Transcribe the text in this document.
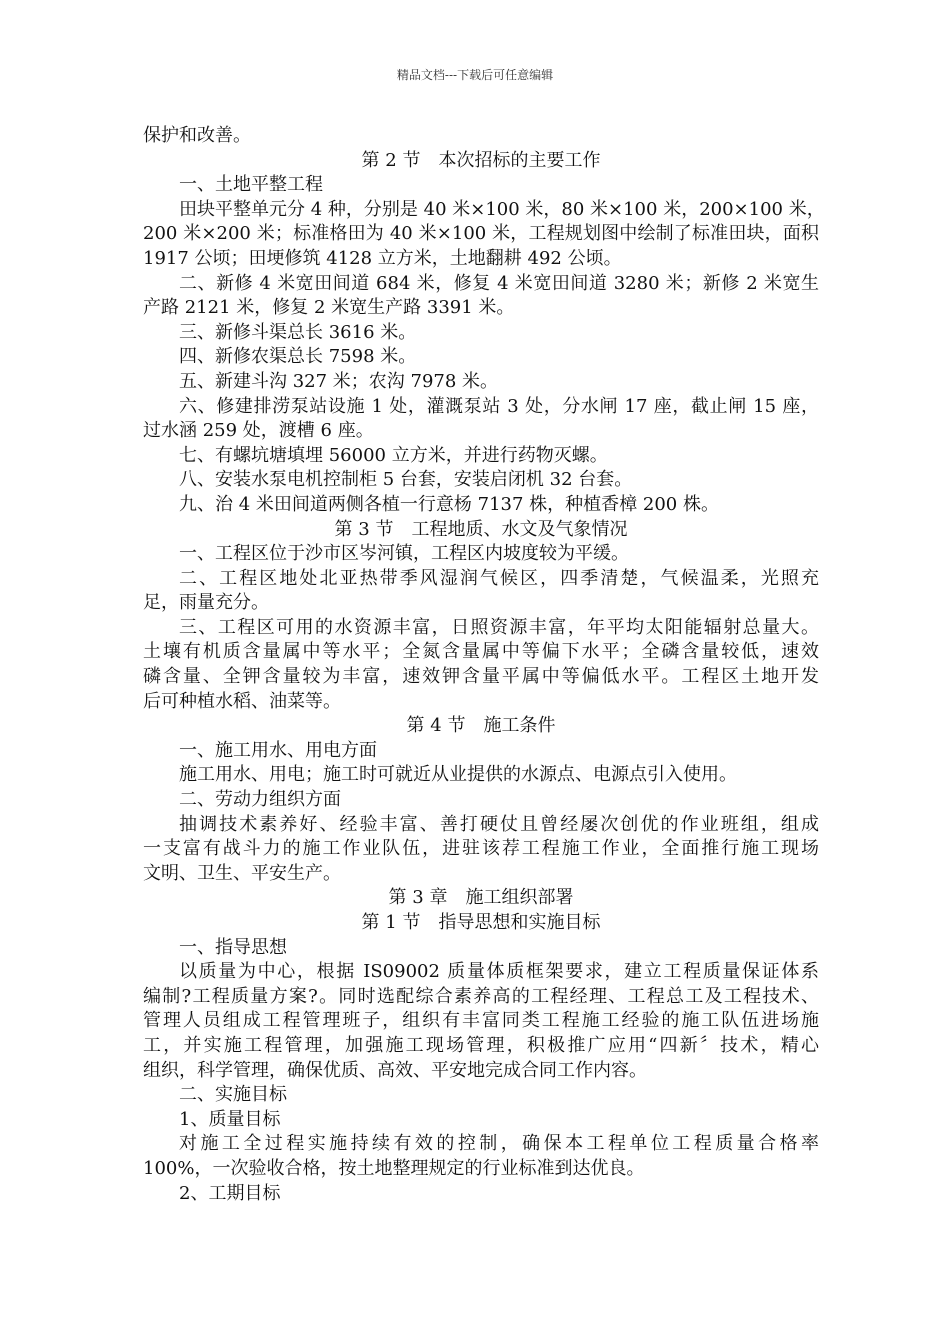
精品文档---下载后可任意编辑
保护和改善。
第 2 节　本次招标的主要工作
一、土地平整工程
田块平整单元分 4 种，分别是 40 米×100 米，80 米×100 米，200×100 米，
200 米×200 米；标准格田为 40 米×100 米，工程规划图中绘制了标准田块，面积
1917 公顷；田埂修筑 4128 立方米，土地翻耕 492 公顷。
二、新修 4 米宽田间道 684 米，修复 4 米宽田间道 3280 米；新修 2 米宽生
产路 2121 米，修复 2 米宽生产路 3391 米。
三、新修斗渠总长 3616 米。
四、新修农渠总长 7598 米。
五、新建斗沟 327 米；农沟 7978 米。
六、修建排涝泵站设施 1 处，灌溉泵站 3 处，分水闸 17 座，截止闸 15 座，
过水涵 259 处，渡槽 6 座。
七、有螺坑塘填埋 56000 立方米，并进行药物灭螺。
八、安装水泵电机控制柜 5 台套，安装启闭机 32 台套。
九、治 4 米田间道两侧各植一行意杨 7137 株，种植香樟 200 株。
第 3 节　工程地质、水文及气象情况
一、工程区位于沙市区岑河镇，工程区内坡度较为平缓。
二、工程区地处北亚热带季风湿润气候区，四季清楚，气候温柔，光照充
足，雨量充分。
三、工程区可用的水资源丰富，日照资源丰富，年平均太阳能辐射总量大。
土壤有机质含量属中等水平；全氮含量属中等偏下水平；全磷含量较低，速效
磷含量、全钾含量较为丰富，速效钾含量平属中等偏低水平。工程区土地开发
后可种植水稻、油菜等。
第 4 节　施工条件
一、施工用水、用电方面
施工用水、用电；施工时可就近从业提供的水源点、电源点引入使用。
二、劳动力组织方面
抽调技术素养好、经验丰富、善打硬仗且曾经屡次创优的作业班组，组成
一支富有战斗力的施工作业队伍，进驻该荐工程施工作业，全面推行施工现场
文明、卫生、平安生产。
第 3 章　施工组织部署
第 1 节　指导思想和实施目标
一、指导思想
以质量为中心，根据 IS09002 质量体质框架要求，建立工程质量保证体系
编制?工程质量方案?。同时选配综合素养高的工程经理、工程总工及工程技术、
管理人员组成工程管理班子，组织有丰富同类工程施工经验的施工队伍进场施
工，并实施工程管理，加强施工现场管理，积极推广应用“四新〞技术，精心
组织，科学管理，确保优质、高效、平安地完成合同工作内容。
二、实施目标
1、质量目标
对施工全过程实施持续有效的控制，确保本工程单位工程质量合格率
100%，一次验收合格，按土地整理规定的行业标准到达优良。
2、工期目标
